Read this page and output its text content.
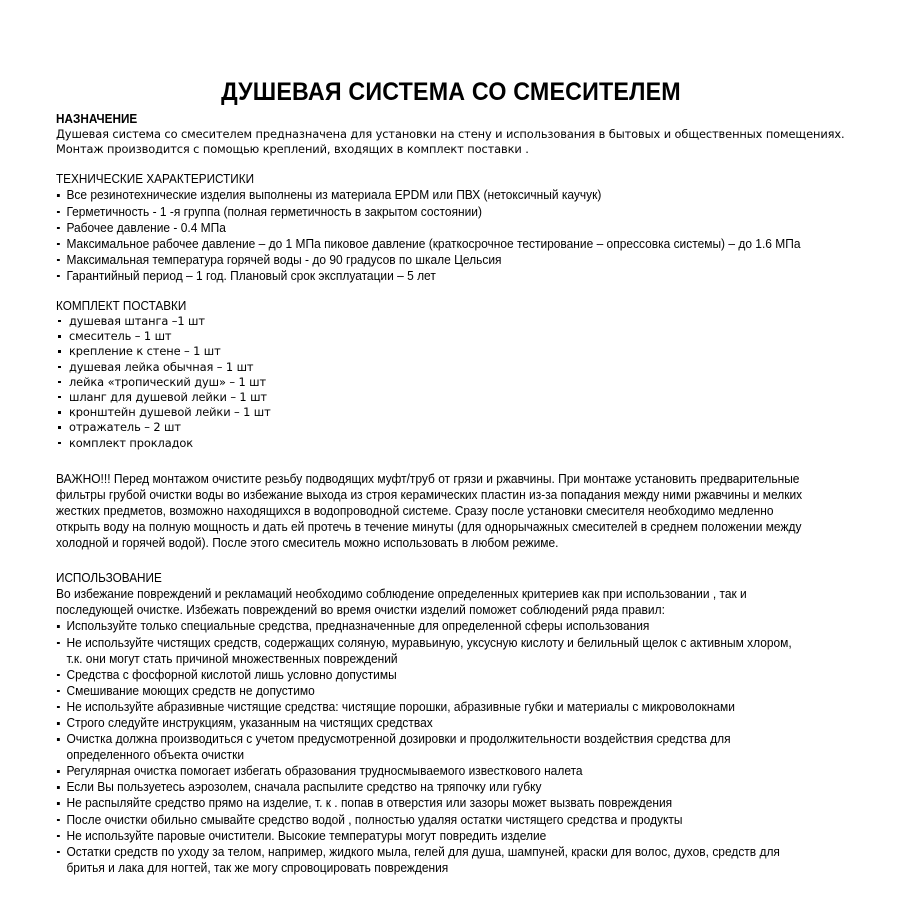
ДУШЕВАЯ СИСТЕМА СО СМЕСИТЕЛЕМ
НАЗНАЧЕНИЕ

Душевая система со смесителем предназначена для установки на стену и использования в бытовых и общественных помещениях. Монтаж производится с помощью креплений, входящих в комплект поставки .

ТЕХНИЧЕСКИЕ ХАРАКТЕРИСТИКИ
Все резинотехнические изделия выполнены из материала EPDM или ПВХ (нетоксичный каучук)
Герметичность - 1 -я группа (полная герметичность в закрытом состоянии)
Рабочее давление - 0.4 МПа
Максимальное рабочее давление – до 1 МПа пиковое давление (краткосрочное тестирование – опрессовка системы) – до 1.6 МПа
Максимальная температура горячей воды - до 90 градусов по шкале Цельсия
Гарантийный период – 1 год. Плановый срок эксплуатации – 5 лет
КОМПЛЕКТ ПОСТАВКИ
душевая штанга –1 шт
смеситель – 1 шт
крепление к стене – 1 шт
душевая лейка обычная – 1 шт
лейка «тропический душ» – 1 шт
шланг для душевой лейки – 1 шт
кронштейн душевой лейки – 1 шт
отражатель – 2 шт
комплект прокладок

ВАЖНО!!! Перед монтажом очистите резьбу подводящих муфт/труб от грязи и ржавчины. При монтаже установить предварительные фильтры грубой очистки воды во избежание выхода из строя керамических пластин из-за попадания между ними ржавчины и мелких жестких предметов, возможно находящихся в водопроводной системе. Сразу после установки смесителя необходимо медленно открыть воду на полную мощность и дать ей протечь в течение минуты (для однорычажных смесителей в среднем положении между холодной и горячей водой). После этого смеситель можно использовать в любом режиме.

ИСПОЛЬЗОВАНИЕ

Во избежание повреждений и рекламаций необходимо соблюдение определенных критериев как при использовании , так и последующей очистке. Избежать повреждений во время очистки изделий поможет соблюдений ряда правил:

Используйте только специальные средства, предназначенные для определенной сферы использования
Не используйте чистящих средств, содержащих соляную, муравьиную, уксусную кислоту и белильный щелок с активным хлором, т.к. они могут стать причиной множественных повреждений
Средства с фосфорной кислотой лишь условно допустимы
Смешивание моющих средств не допустимо
Не используйте абразивные чистящие средства: чистящие порошки, абразивные губки и материалы с микроволокнами
Строго следуйте инструкциям, указанным на чистящих средствах
Очистка должна производиться с учетом предусмотренной дозировки и продолжительности воздействия средства для определенного объекта очистки
Регулярная очистка помогает избегать образования трудносмываемого известкового налета
Если Вы пользуетесь аэрозолем, сначала распылите средство на тряпочку или губку
Не распыляйте средство прямо на изделие, т. к . попав в отверстия или зазоры может вызвать повреждения
После очистки обильно смывайте средство водой , полностью удаляя остатки чистящего средства и продукты
Не используйте паровые очистители. Высокие температуры могут повредить изделие
Остатки средств по уходу за телом, например, жидкого мыла, гелей для душа, шампуней, краски для волос, духов, средств для бритья и лака для ногтей, так же могу спровоцировать повреждения
